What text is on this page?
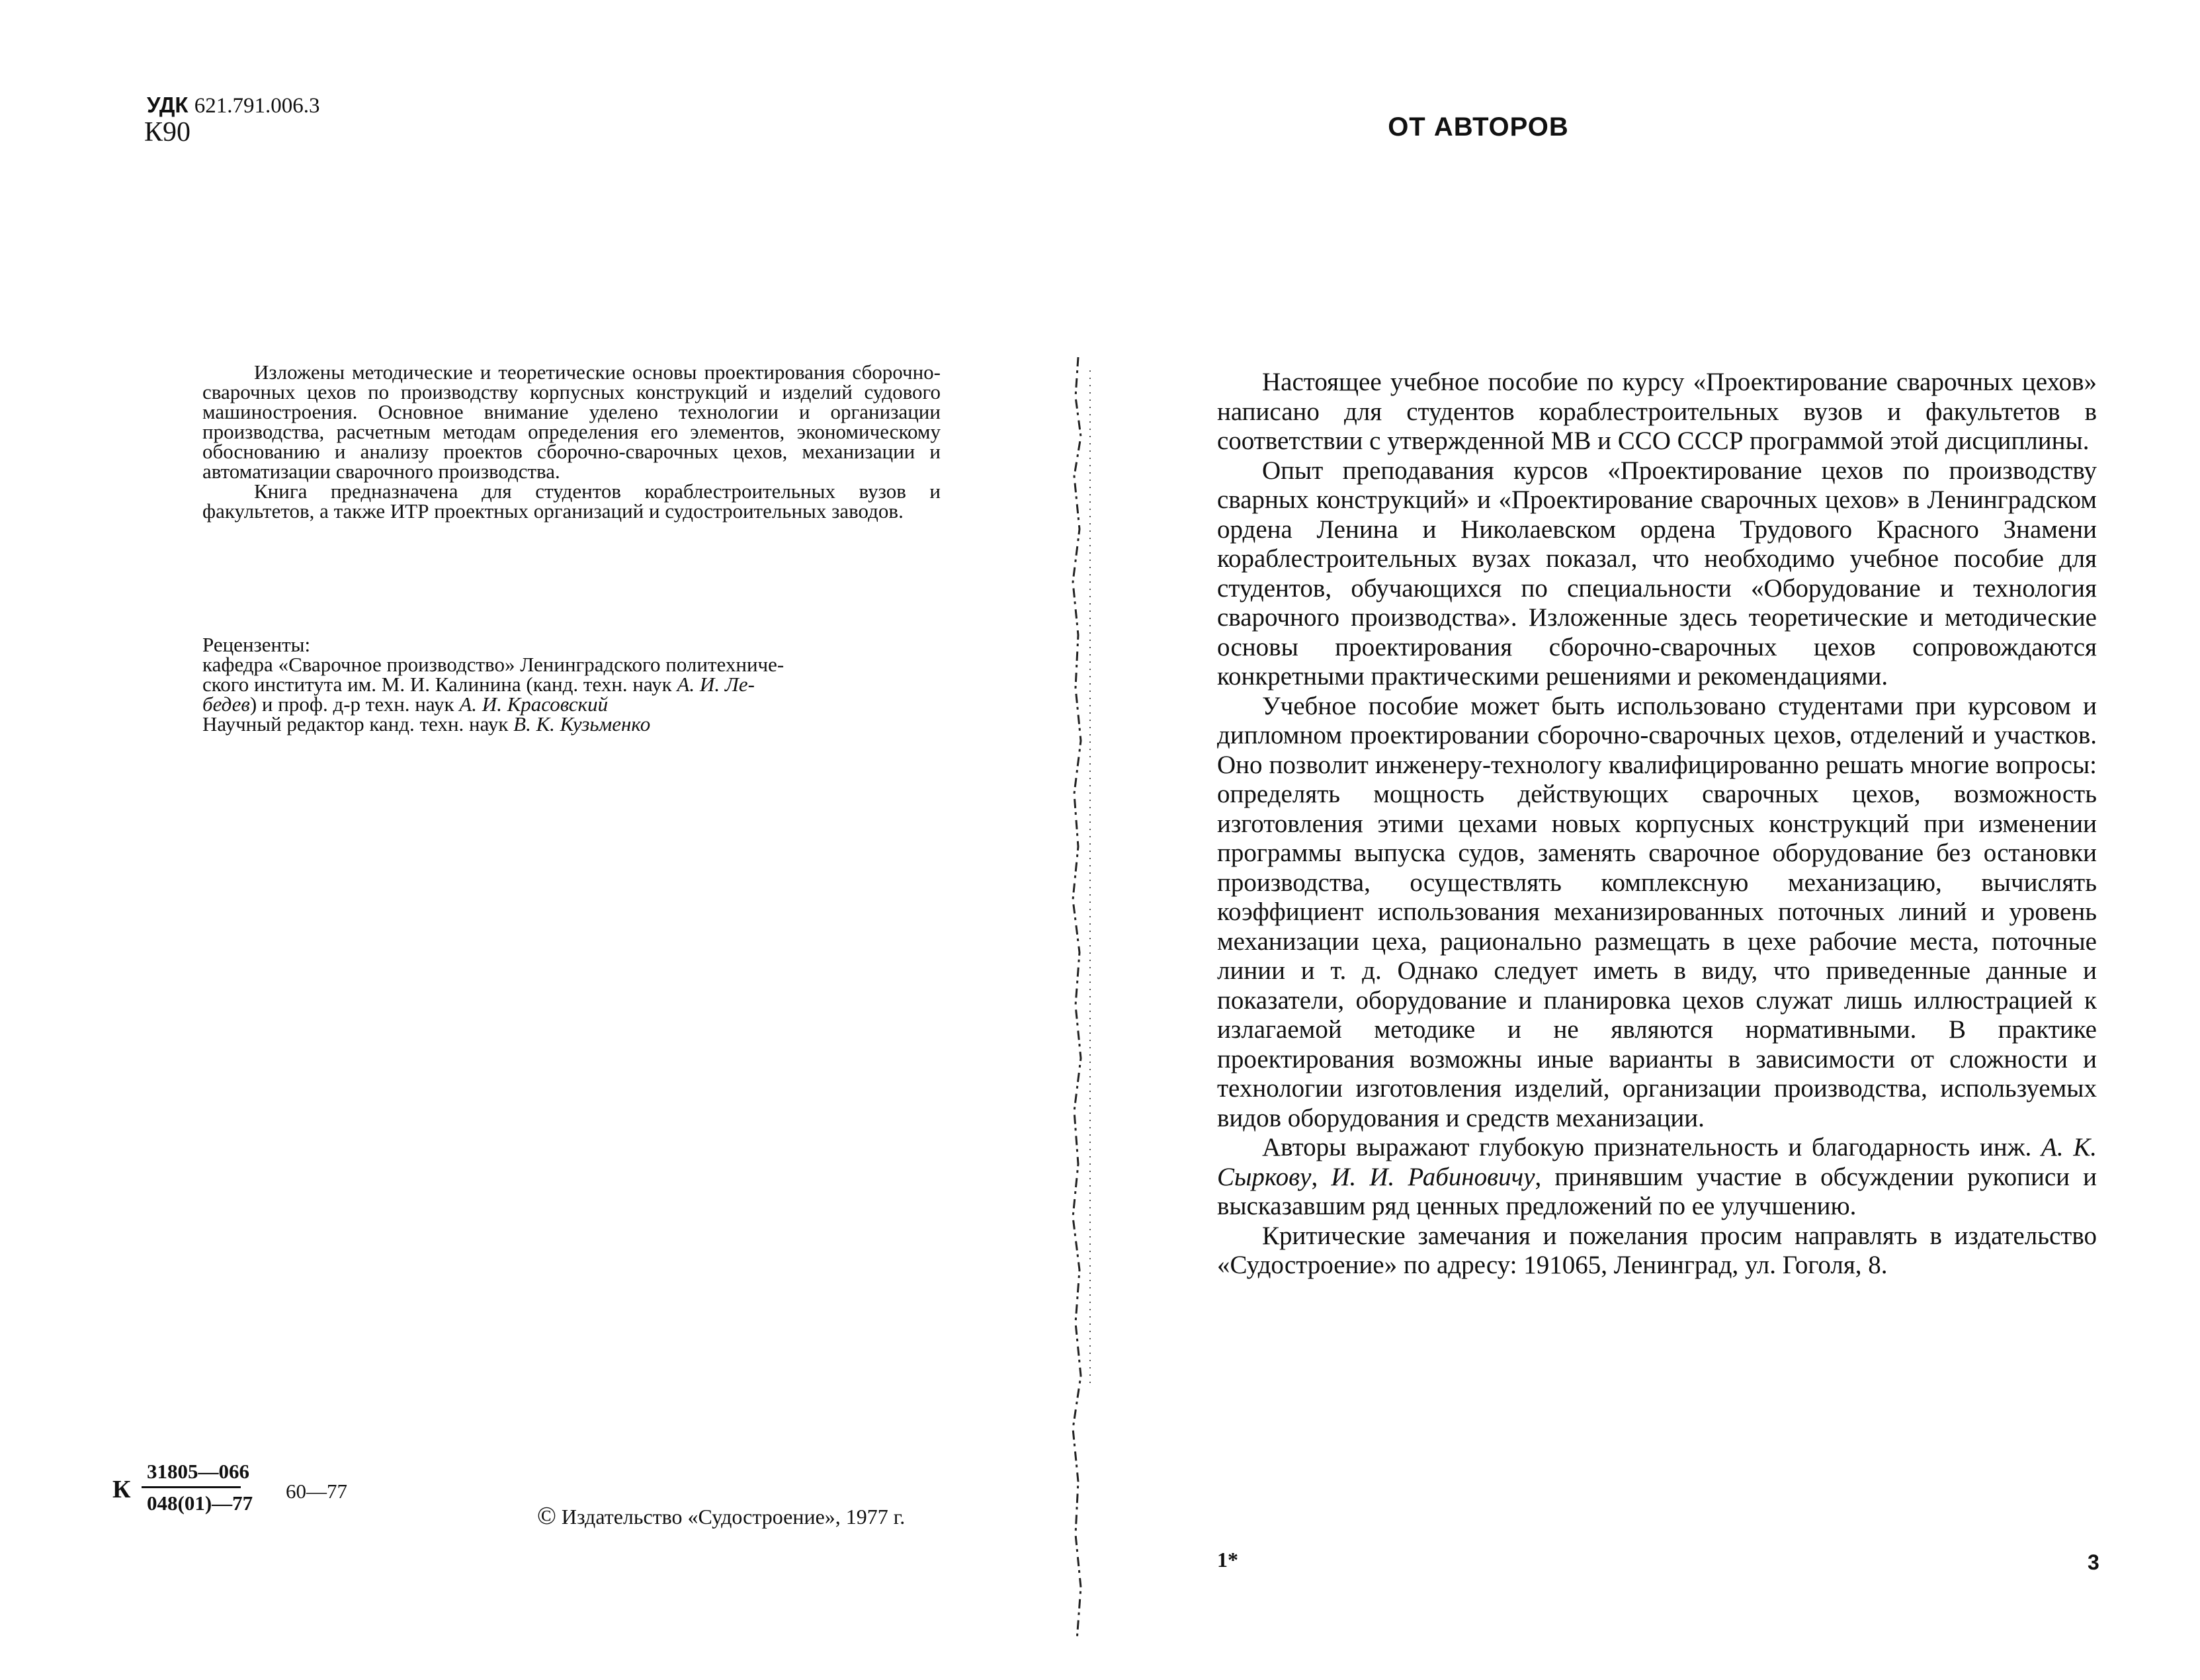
УДК 621.791.006.3
К90

Изложены методические и теоретические основы проектирования сборочно-сварочных цехов по производству корпусных конструкций и изделий судового машиностроения. Основное внимание уделено технологии и организации производства, расчетным методам определения его элементов, экономическому обоснованию и анализу проектов сборочно-сварочных цехов, механизации и автоматизации сварочного производства.

Книга предназначена для студентов кораблестроительных вузов и факультетов, а также ИТР проектных организаций и судостроительных заводов.

Рецензенты:
кафедра «Сварочное производство» Ленинградского политехниче-
ского института им. М. И. Калинина (канд. техн. наук А. И. Ле-
бедев) и проф. д-р техн. наук А. И. Красовский
Научный редактор канд. техн. наук В. К. Кузьменко
К
31805—066
048(01)—77
60—77
© Издательство «Судостроение», 1977 г.
ОТ АВТОРОВ

Настоящее учебное пособие по курсу «Проектирование сварочных цехов» написано для студентов кораблестроительных вузов и факультетов в соответствии с утвержденной МВ и ССО СССР программой этой дисциплины.

Опыт преподавания курсов «Проектирование цехов по производству сварных конструкций» и «Проектирование сварочных цехов» в Ленинградском ордена Ленина и Николаевском ордена Трудового Красного Знамени кораблестроительных вузах показал, что необходимо учебное пособие для студентов, обучающихся по специальности «Оборудование и технология сварочного производства». Изложенные здесь теоретические и методические основы проектирования сборочно-сварочных цехов сопровождаются конкретными практическими решениями и рекомендациями.

Учебное пособие может быть использовано студентами при курсовом и дипломном проектировании сборочно-сварочных цехов, отделений и участков. Оно позволит инженеру-технологу квалифицированно решать многие вопросы: определять мощность действующих сварочных цехов, возможность изготовления этими цехами новых корпусных конструкций при изменении программы выпуска судов, заменять сварочное оборудование без остановки производства, осуществлять комплексную механизацию, вычислять коэффициент использования механизированных поточных линий и уровень механизации цеха, рационально размещать в цехе рабочие места, поточные линии и т. д. Однако следует иметь в виду, что приведенные данные и показатели, оборудование и планировка цехов служат лишь иллюстрацией к излагаемой методике и не являются нормативными. В практике проектирования возможны иные варианты в зависимости от сложности и технологии изготовления изделий, организации производства, используемых видов оборудования и средств механизации.

Авторы выражают глубокую признательность и благодарность инж. А. К. Сыркову, И. И. Рабиновичу, принявшим участие в обсуждении рукописи и высказавшим ряд ценных предложений по ее улучшению.

Критические замечания и пожелания просим направлять в издательство «Судостроение» по адресу: 191065, Ленинград, ул. Гоголя, 8.

1*	3
